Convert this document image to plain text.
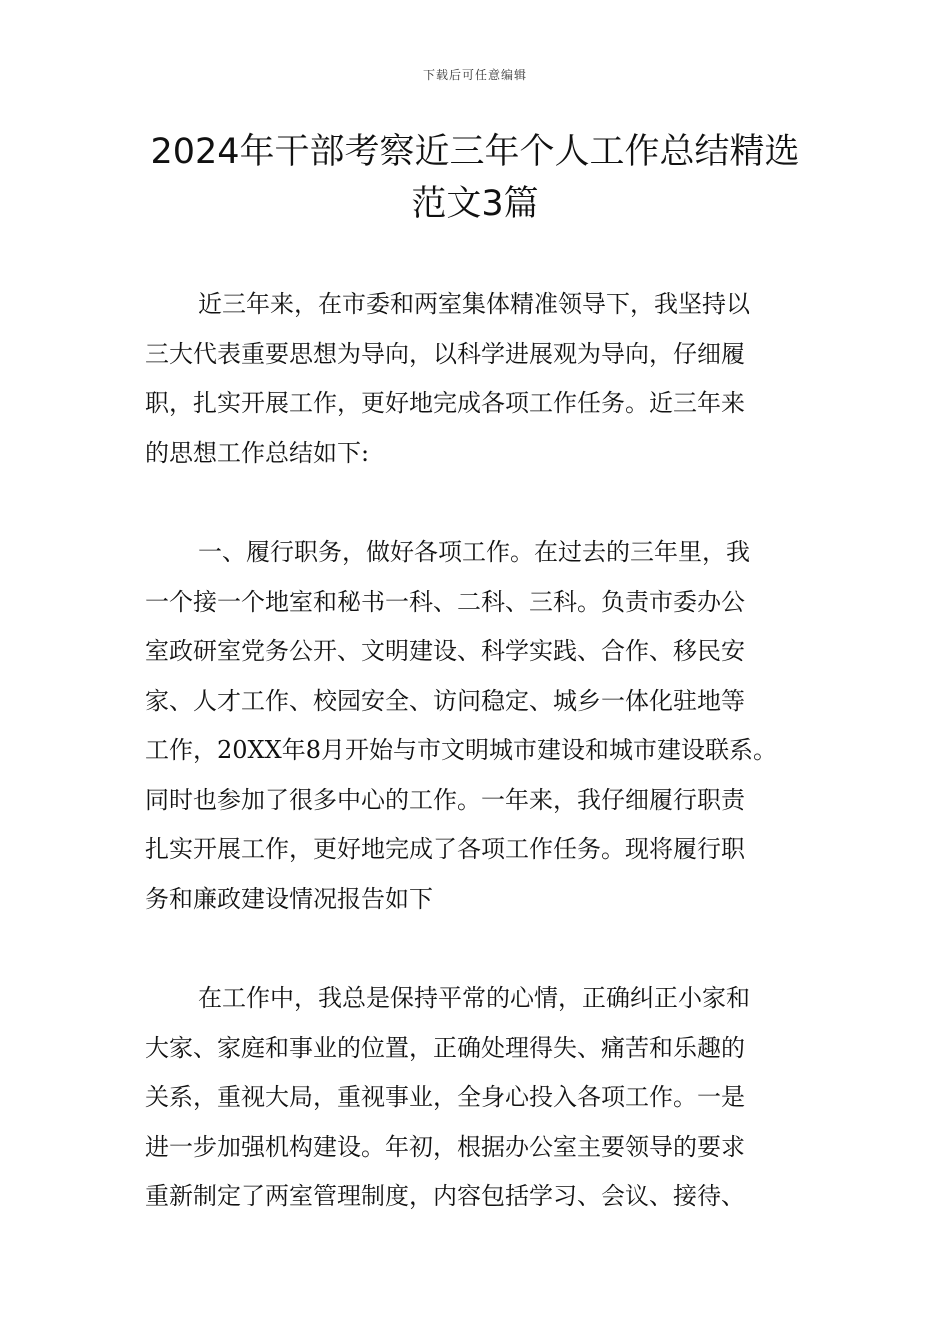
下载后可任意编辑
2024年干部考察近三年个人工作总结精选
范文3篇

近三年来，在市委和两室集体精准领导下，我坚持以
三大代表重要思想为导向，以科学进展观为导向，仔细履
职，扎实开展工作，更好地完成各项工作任务。近三年来
的思想工作总结如下:

一、履行职务，做好各项工作。在过去的三年里，我
一个接一个地室和秘书一科、二科、三科。负责市委办公
室政研室党务公开、文明建设、科学实践、合作、移民安
家、人才工作、校园安全、访问稳定、城乡一体化驻地等
工作，20XX年8月开始与市文明城市建设和城市建设联系。
同时也参加了很多中心的工作。一年来，我仔细履行职责
扎实开展工作，更好地完成了各项工作任务。现将履行职
务和廉政建设情况报告如下

在工作中，我总是保持平常的心情，正确纠正小家和
大家、家庭和事业的位置，正确处理得失、痛苦和乐趣的
关系，重视大局，重视事业，全身心投入各项工作。一是
进一步加强机构建设。年初，根据办公室主要领导的要求
重新制定了两室管理制度，内容包括学习、会议、接待、
